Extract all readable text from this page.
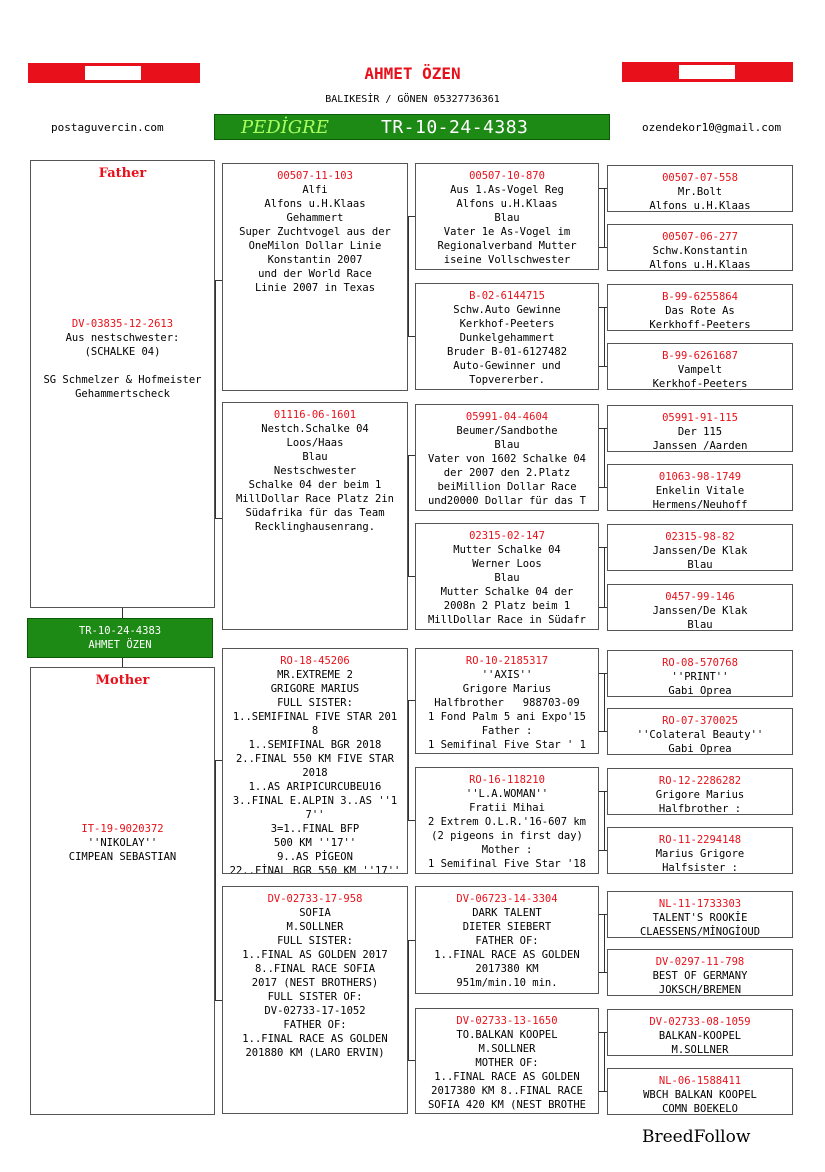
AHMET ÖZEN
BALIKESİR / GÖNEN 05327736361
postaguvercin.com	ozendekor10@gmail.com
PEDİGRE	TR-10-24-4383
Father
DV-03835-12-2613
Aus nestschwester:
(SCHALKE 04)
SG Schmelzer & Hofmeister
Gehammertscheck
Mother
IT-19-9020372
''NIKOLAY''
CIMPEAN SEBASTIAN
00507-11-103
Alfi
Alfons u.H.Klaas
Gehammert
Super Zuchtvogel aus der
OneMilon Dollar Linie
Konstantin 2007
und der World Race
Linie 2007 in Texas
01116-06-1601
Nestch.Schalke 04
Loos/Haas
Blau
Nestschwester
Schalke 04 der beim 1
MillDollar Race Platz 2in
Südafrika für das Team
Recklinghausenrang.
RO-18-45206
MR.EXTREME 2
GRIGORE MARIUS
FULL SISTER:
1..SEMIFINAL FIVE STAR 201
8
1..SEMIFINAL BGR 2018
2..FINAL 550 KM FIVE STAR
2018
1..AS ARIPICURCUBEU16
3..FINAL E.ALPIN 3..AS ''1
7''
3=1..FINAL BFP
500 KM ''17''
9..AS PİGEON
22..FİNAL BGR 550 KM ''17''
DV-02733-17-958
SOFIA
M.SOLLNER
FULL SISTER:
1..FINAL AS GOLDEN 2017
8..FINAL RACE SOFIA
2017 (NEST BROTHERS)
FULL SISTER OF:
DV-02733-17-1052
FATHER OF:
1..FINAL RACE AS GOLDEN
201880 KM (LARO ERVIN)
00507-10-870
Aus 1.As-Vogel Reg
Alfons u.H.Klaas
Blau
Vater 1e As-Vogel im
Regionalverband Mutter
iseine Vollschwester
B-02-6144715
Schw.Auto Gewinne
Kerkhof-Peeters
Dunkelgehammert
Bruder B-01-6127482
Auto-Gewinner und
Topvererber.
05991-04-4604
Beumer/Sandbothe
Blau
Vater von 1602 Schalke 04
der 2007 den 2.Platz
beiMillion Dollar Race
und20000 Dollar für das T
02315-02-147
Mutter Schalke 04
Werner Loos
Blau
Mutter Schalke 04 der
2008n 2 Platz beim 1
MillDollar Race in Südafr
RO-10-2185317
''AXIS''
Grigore Marius
Halfbrother   988703-09
1 Fond Palm 5 ani Expo'15
Father :
1 Semifinal Five Star ' 1
RO-16-118210
''L.A.WOMAN''
Fratii Mihai
2 Extrem O.L.R.'16-607 km
(2 pigeons in first day)
Mother :
1 Semifinal Five Star '18
DV-06723-14-3304
DARK TALENT
DIETER SIEBERT
FATHER OF:
1..FINAL RACE AS GOLDEN
2017380 KM
951m/min.10 min.
DV-02733-13-1650
TO.BALKAN KOOPEL
M.SOLLNER
MOTHER OF:
1..FINAL RACE AS GOLDEN
2017380 KM 8..FINAL RACE
SOFIA 420 KM (NEST BROTHE
00507-07-558
Mr.Bolt
Alfons u.H.Klaas
00507-06-277
Schw.Konstantin
Alfons u.H.Klaas
B-99-6255864
Das Rote As
Kerkhoff-Peeters
B-99-6261687
Vampelt
Kerkhof-Peeters
05991-91-115
Der 115
Janssen /Aarden
01063-98-1749
Enkelin Vitale
Hermens/Neuhoff
02315-98-82
Janssen/De Klak
Blau
0457-99-146
Janssen/De Klak
Blau
RO-08-570768
''PRINT''
Gabi Oprea
RO-07-370025
''Colateral Beauty''
Gabi Oprea
RO-12-2286282
Grigore Marius
Halfbrother :
RO-11-2294148
Marius Grigore
Halfsister :
NL-11-1733303
TALENT'S ROOKİE
CLAESSENS/MİNOGİOUD
DV-0297-11-798
BEST OF GERMANY
JOKSCH/BREMEN
DV-02733-08-1059
BALKAN-KOOPEL
M.SOLLNER
NL-06-1588411
WBCH BALKAN KOOPEL
COMN BOEKELO
TR-10-24-4383
AHMET ÖZEN
BreedFollow
